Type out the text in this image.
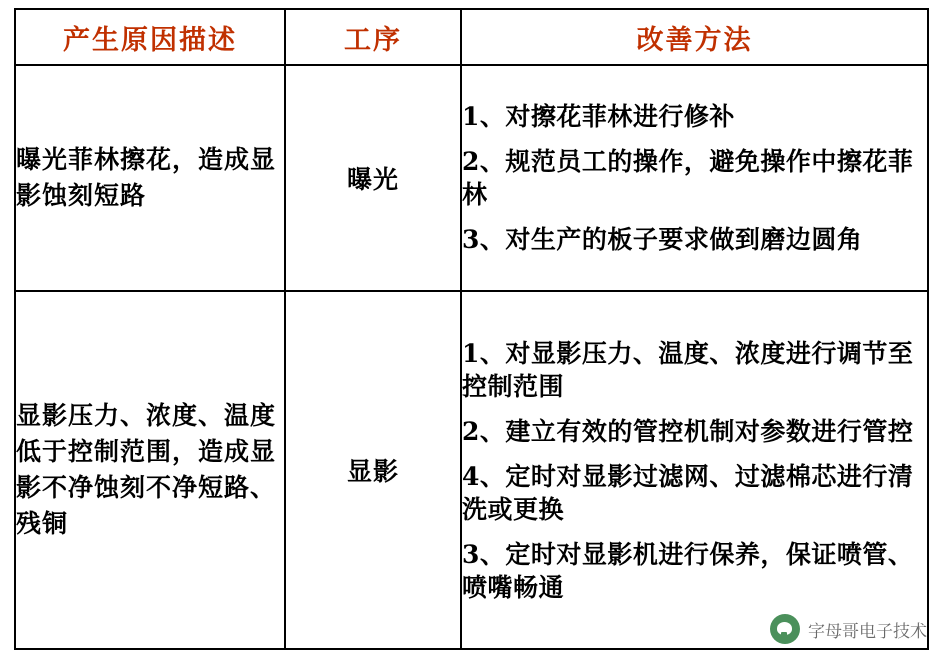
产生原因描述	工序	改善方法
曝光菲林擦花，造成显影蚀刻短路	曝光	
1、对擦花菲林进行修补
2、规范员工的操作，避免操作中擦花菲林
3、对生产的板子要求做到磨边圆角

显影压力、浓度、温度低于控制范围，造成显影不净蚀刻不净短路、残铜	显影	
1、对显影压力、温度、浓度进行调节至控制范围
2、建立有效的管控机制对参数进行管控
4、定时对显影过滤网、过滤棉芯进行清洗或更换
3、定时对显影机进行保养，保证喷管、喷嘴畅通
字母哥电子技术
